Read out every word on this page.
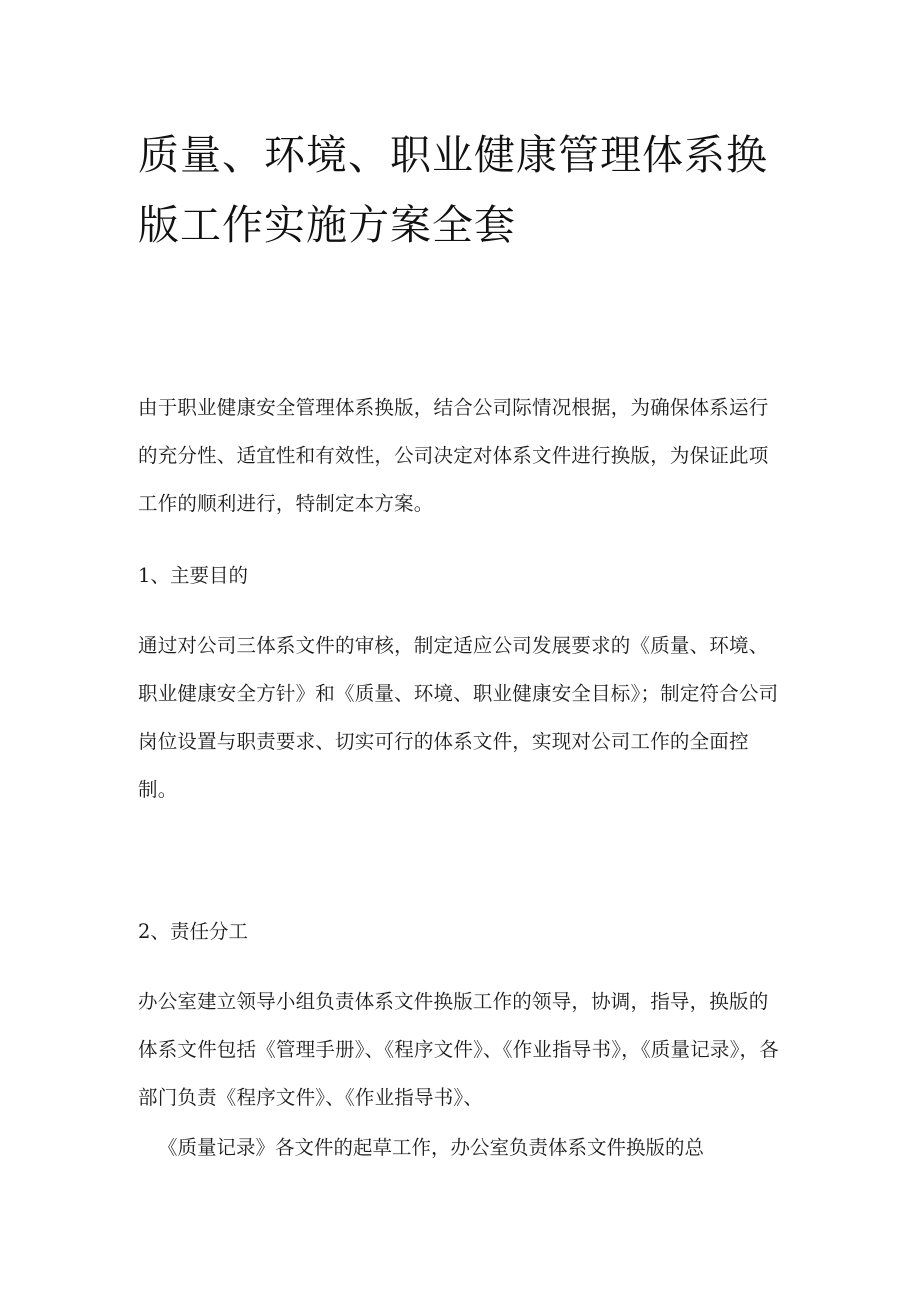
质量、环境、职业健康管理体系换版工作实施方案全套

由于职业健康安全管理体系换版，结合公司际情况根据，为确保体系运行的充分性、适宜性和有效性，公司决定对体系文件进行换版，为保证此项工作的顺利进行，特制定本方案。

1、主要目的

通过对公司三体系文件的审核，制定适应公司发展要求的《质量、环境、职业健康安全方针》和《质量、环境、职业健康安全目标》；制定符合公司岗位设置与职责要求、切实可行的体系文件，实现对公司工作的全面控制。

2、责任分工

办公室建立领导小组负责体系文件换版工作的领导，协调，指导，换版的体系文件包括《管理手册》、《程序文件》、《作业指导书》，《质量记录》，各部门负责《程序文件》、《作业指导书》、

《质量记录》各文件的起草工作，办公室负责体系文件换版的总
